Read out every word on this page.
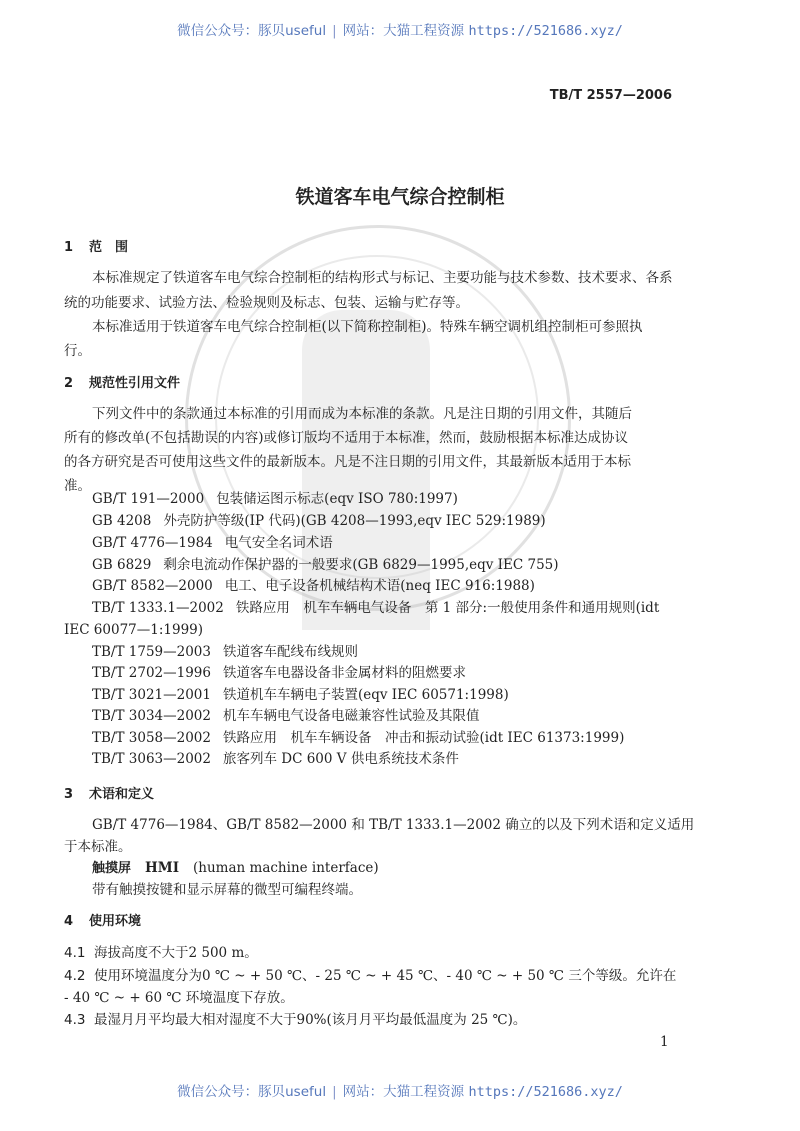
微信公众号：豚贝useful | 网站：大猫工程资源 https://521686.xyz/
TB/T 2557—2006
铁道客车电气综合控制柜
1 范　围
本标准规定了铁道客车电气综合控制柜的结构形式与标记、主要功能与技术参数、技术要求、各系
统的功能要求、试验方法、检验规则及标志、包装、运输与贮存等。
本标准适用于铁道客车电气综合控制柜(以下简称控制柜)。特殊车辆空调机组控制柜可参照执
行。
2 规范性引用文件
下列文件中的条款通过本标准的引用而成为本标准的条款。凡是注日期的引用文件，其随后
所有的修改单(不包括勘误的内容)或修订版均不适用于本标准，然而，鼓励根据本标准达成协议
的各方研究是否可使用这些文件的最新版本。凡是不注日期的引用文件，其最新版本适用于本标
准。
GB/T 191—2000 包装储运图示标志(eqv ISO 780:1997)
GB 4208 外壳防护等级(IP 代码)(GB 4208—1993,eqv IEC 529:1989)
GB/T 4776—1984 电气安全名词术语
GB 6829 剩余电流动作保护器的一般要求(GB 6829—1995,eqv IEC 755)
GB/T 8582—2000 电工、电子设备机械结构术语(neq IEC 916:1988)
TB/T 1333.1—2002 铁路应用　机车车辆电气设备　第 1 部分:一般使用条件和通用规则(idt
IEC 60077—1:1999)
TB/T 1759—2003 铁道客车配线布线规则
TB/T 2702—1996 铁道客车电器设备非金属材料的阻燃要求
TB/T 3021—2001 铁道机车车辆电子装置(eqv IEC 60571:1998)
TB/T 3034—2002 机车车辆电气设备电磁兼容性试验及其限值
TB/T 3058—2002 铁路应用　机车车辆设备　冲击和振动试验(idt IEC 61373:1999)
TB/T 3063—2002 旅客列车 DC 600 V 供电系统技术条件
3 术语和定义
GB/T 4776—1984、GB/T 8582—2000 和 TB/T 1333.1—2002 确立的以及下列术语和定义适用
于本标准。
触摸屏 HMI (human machine interface)
带有触摸按键和显示屏幕的微型可编程终端。
4 使用环境
4.1 海拔高度不大于2 500 m。
4.2 使用环境温度分为0 ℃ ~ + 50 ℃、- 25 ℃ ~ + 45 ℃、- 40 ℃ ~ + 50 ℃ 三个等级。允许在
- 40 ℃ ~ + 60 ℃ 环境温度下存放。
4.3 最湿月月平均最大相对湿度不大于90%(该月月平均最低温度为 25 ℃)。
1
微信公众号：豚贝useful | 网站：大猫工程资源 https://521686.xyz/
